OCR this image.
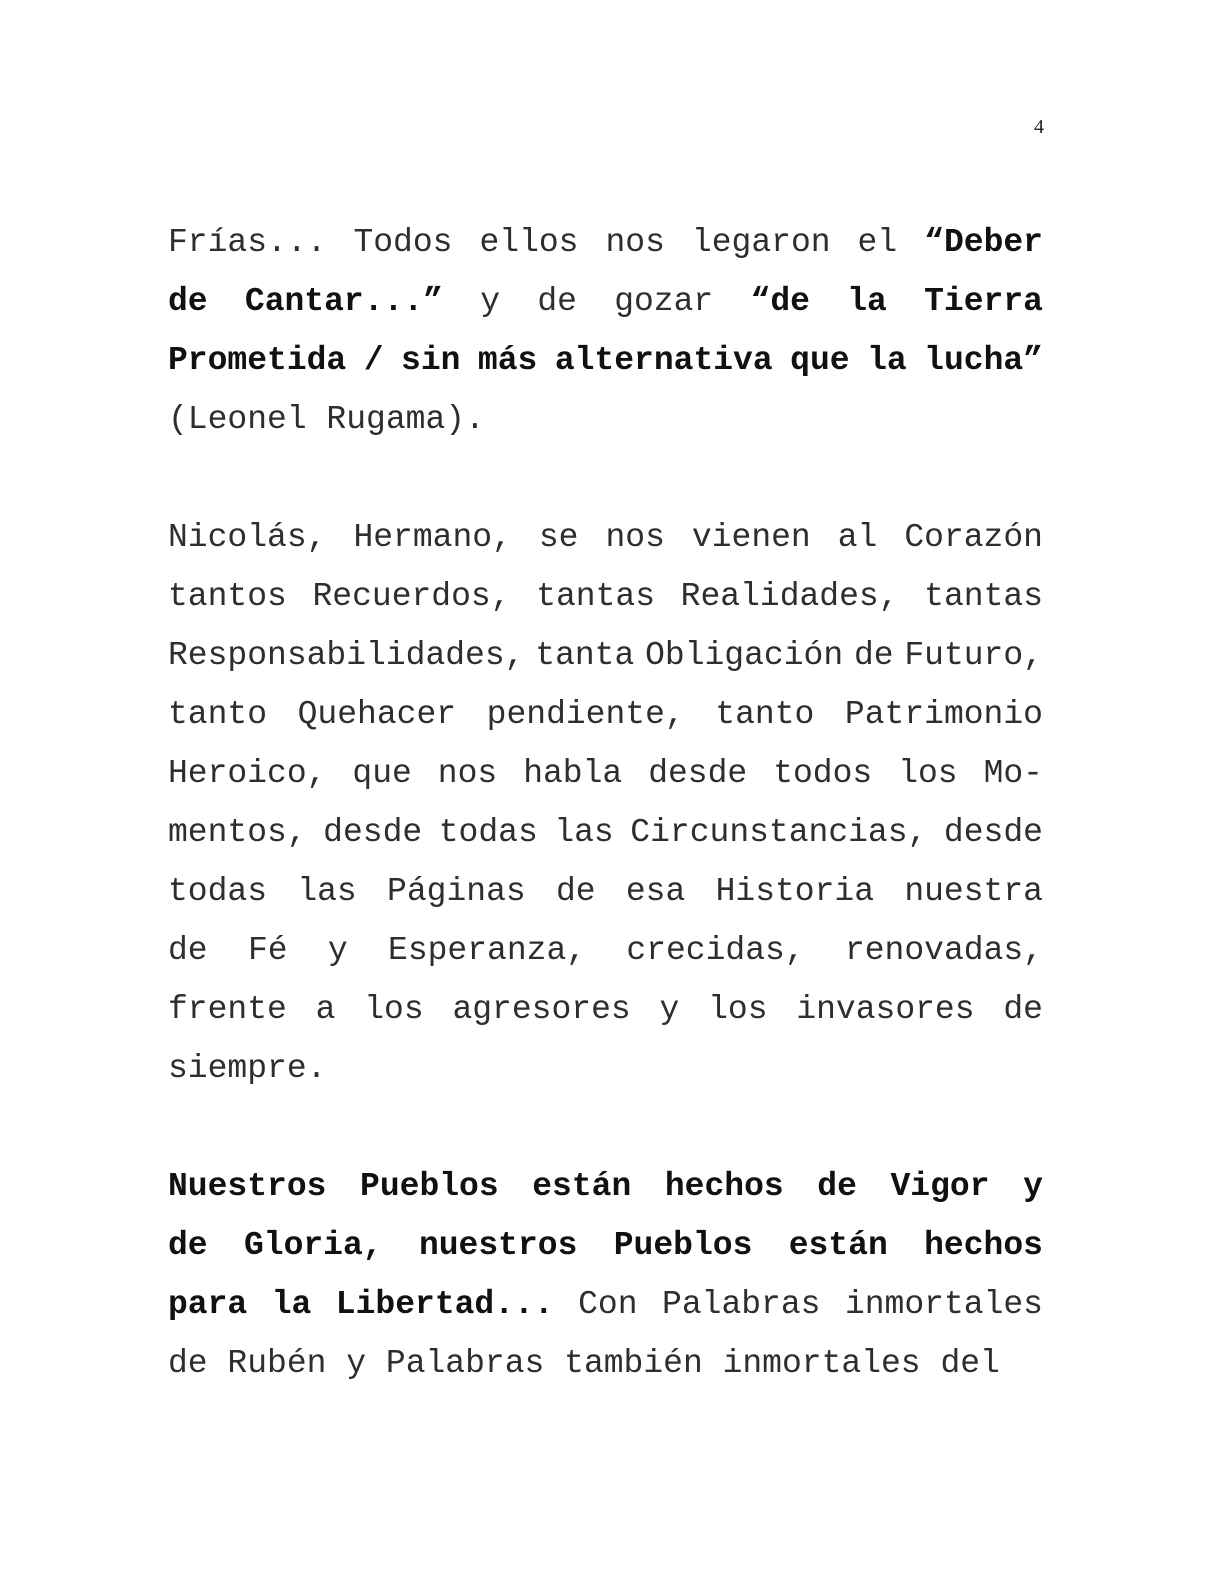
4
Frías... Todos ellos nos legaron el “Deber
de Cantar...” y de gozar “de la Tierra
Prometida / sin más alternativa que la lucha”
(Leonel Rugama).
Nicolás, Hermano, se nos vienen al Corazón
tantos Recuerdos, tantas Realidades, tantas
Responsabilidades, tanta Obligación de Futuro,
tanto Quehacer pendiente, tanto Patrimonio
Heroico, que nos habla desde todos los Mo-
mentos, desde todas las Circunstancias, desde
todas las Páginas de esa Historia nuestra
de Fé y Esperanza, crecidas, renovadas,
frente a los agresores y los invasores de
siempre.
Nuestros Pueblos están hechos de Vigor y
de Gloria, nuestros Pueblos están hechos
para la Libertad... Con Palabras inmortales
de Rubén y Palabras también inmortales del
